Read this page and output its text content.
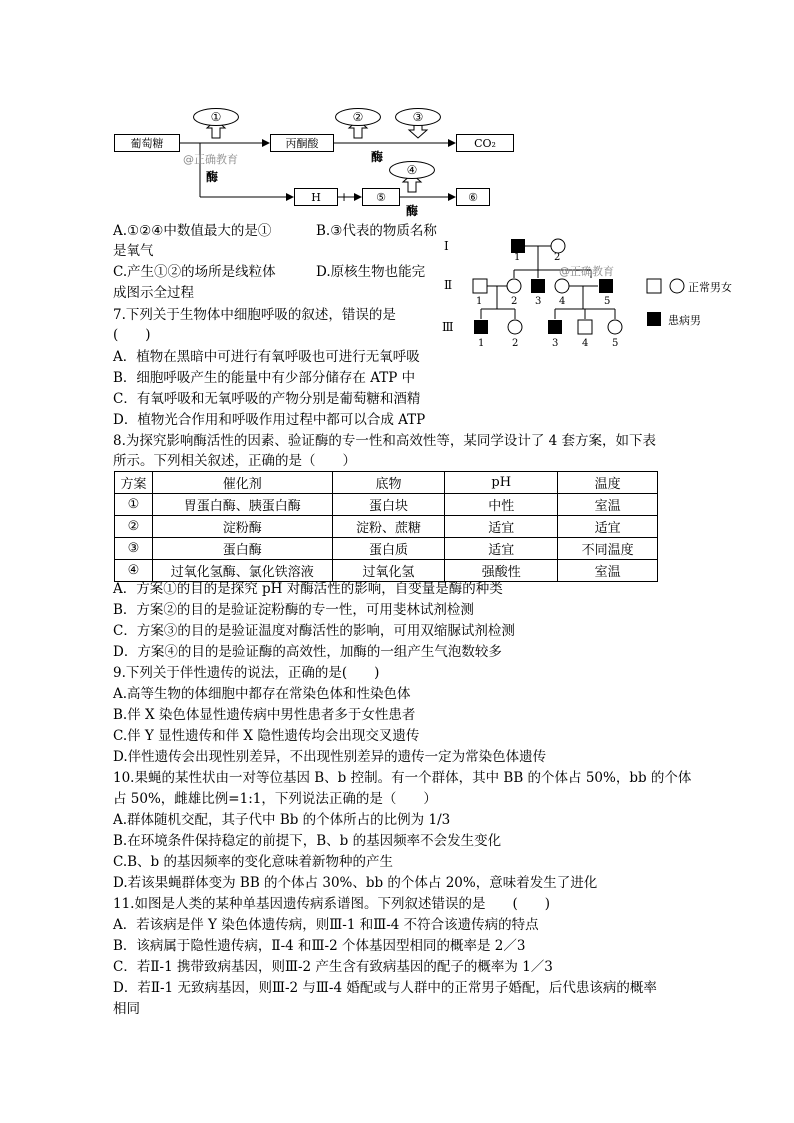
葡萄糖	丙酮酸	CO₂
H + ⑤	⑥
①	②	③
④
@正确教育
酶
酶
酶
A.①②④中数值最大的是①	B.③代表的物质名称
是氧气
C.产生①②的场所是线粒体	D.原核生物也能完
成图示全过程
Ⅰ
Ⅱ
Ⅲ
1	2
1	2 3 4	5
1	2	3 4 5
@正确教育
正常男女
患病男
7.下列关于生物体中细胞呼吸的叙述，错误的是
(　　)
A．植物在黑暗中可进行有氧呼吸也可进行无氧呼吸
B．细胞呼吸产生的能量中有少部分储存在 ATP 中
C．有氧呼吸和无氧呼吸的产物分别是葡萄糖和酒精
D．植物光合作用和呼吸作用过程中都可以合成 ATP
8.为探究影响酶活性的因素、验证酶的专一性和高效性等，某同学设计了 4 套方案，如下表
所示。下列相关叙述，正确的是（　　）
方案	催化剂	底物	pH	温度
①	胃蛋白酶、胰蛋白酶	蛋白块	中性	室温
②	淀粉酶	淀粉、蔗糖	适宜	适宜
③	蛋白酶	蛋白质	适宜	不同温度
④	过氧化氢酶、氯化铁溶液	过氧化氢	强酸性	室温
A．方案①的目的是探究 pH 对酶活性的影响，自变量是酶的种类
B．方案②的目的是验证淀粉酶的专一性，可用斐林试剂检测
C．方案③的目的是验证温度对酶活性的影响，可用双缩脲试剂检测
D．方案④的目的是验证酶的高效性，加酶的一组产生气泡数较多
9.下列关于伴性遗传的说法，正确的是(　　)
A.高等生物的体细胞中都存在常染色体和性染色体
B.伴 X 染色体显性遗传病中男性患者多于女性患者
C.伴 Y 显性遗传和伴 X 隐性遗传均会出现交叉遗传
D.伴性遗传会出现性别差异，不出现性别差异的遗传一定为常染色体遗传
10.果蝇的某性状由一对等位基因 B、b 控制。有一个群体，其中 BB 的个体占 50%，bb 的个体
占 50%，雌雄比例=1:1，下列说法正确的是（　　）
A.群体随机交配，其子代中 Bb 的个体所占的比例为 1/3
B.在环境条件保持稳定的前提下，B、b 的基因频率不会发生变化
C.B、b 的基因频率的变化意味着新物种的产生
D.若该果蝇群体变为 BB 的个体占 30%、bb 的个体占 20%，意味着发生了进化
11.如图是人类的某种单基因遗传病系谱图。下列叙述错误的是　　(　　)
A．若该病是伴 Y 染色体遗传病，则Ⅲ-1 和Ⅲ-4 不符合该遗传病的特点
B．该病属于隐性遗传病，Ⅱ-4 和Ⅲ-2 个体基因型相同的概率是 2／3
C．若Ⅱ-1 携带致病基因，则Ⅲ-2 产生含有致病基因的配子的概率为 1／3
D．若Ⅱ-1 无致病基因，则Ⅲ-2 与Ⅲ-4 婚配或与人群中的正常男子婚配，后代患该病的概率
相同
